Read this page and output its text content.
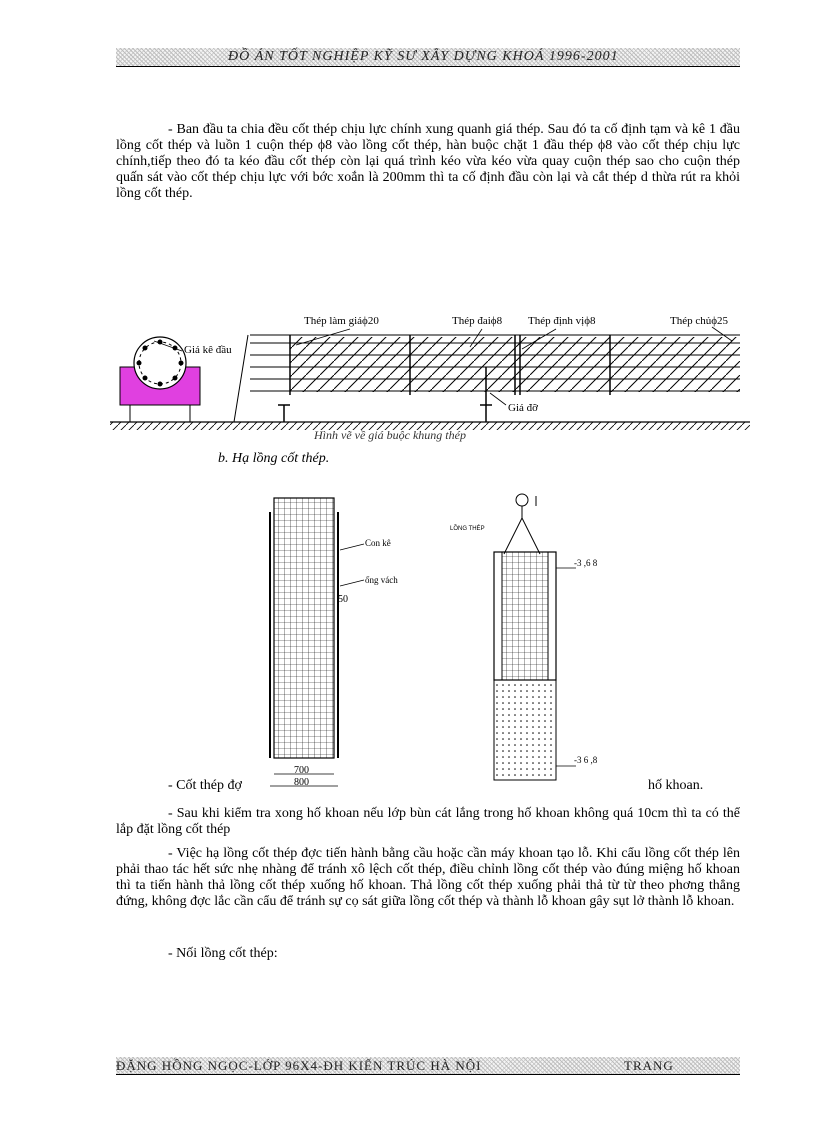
ĐỒ ÁN TỐT NGHIỆP KỸ SƯ XÂY DỰNG KHOÁ 1996-2001

- Ban đầu ta chia đều cốt thép chịu lực chính xung quanh giá thép. Sau đó ta cố định tạm và kê 1 đầu lồng cốt thép và luồn 1 cuộn thép ϕ8 vào lồng cốt thép, hàn buộc chặt 1 đầu thép ϕ8 vào cốt thép chịu lực chính,tiếp theo đó ta kéo đầu cốt thép còn lại quá trình kéo vừa kéo vừa quay cuộn thép sao cho cuộn thép quấn sát vào cốt thép chịu lực với bớc xoắn là 200mm thì ta cố định đầu còn lại và cắt thép d thừa rút ra khỏi lồng cốt thép.

Giá kê đầu
Thép làm giáϕ20	Thép đaiϕ8 Thép định vịϕ8	Thép chủϕ25
Giá đỡ
Hình vẽ về giá buộc khung thép

b. Hạ lồng cốt thép.

Con kê
ống vách
50
700
800
LỒNG THÉP
-3 ,6 8
-3 6 ,8

- Cốt thép đợ	hố khoan.

- Sau khi kiểm tra xong hố khoan nếu lớp bùn cát lắng trong hố khoan không quá 10cm thì ta có thể lắp đặt lồng cốt thép

- Việc hạ lồng cốt thép đợc tiến hành bằng cầu hoặc cần máy khoan tạo lỗ. Khi cẩu lồng cốt thép lên phải thao tác hết sức nhẹ nhàng để tránh xô lệch cốt thép, điều chỉnh lồng cốt thép vào đúng miệng hố khoan thì ta tiến hành thả lồng cốt thép xuống hố khoan. Thả lồng cốt thép xuống phải thả từ từ theo phơng thẳng đứng, không đợc lắc cần cẩu để tránh sự cọ sát giữa lồng cốt thép và thành lỗ khoan gây sụt lở thành lỗ khoan.

- Nối lồng cốt thép:

ĐẶNG HỒNG NGỌC-LỚP 96X4-ĐH KIẾN TRÚC HÀ NỘI	TRANG
